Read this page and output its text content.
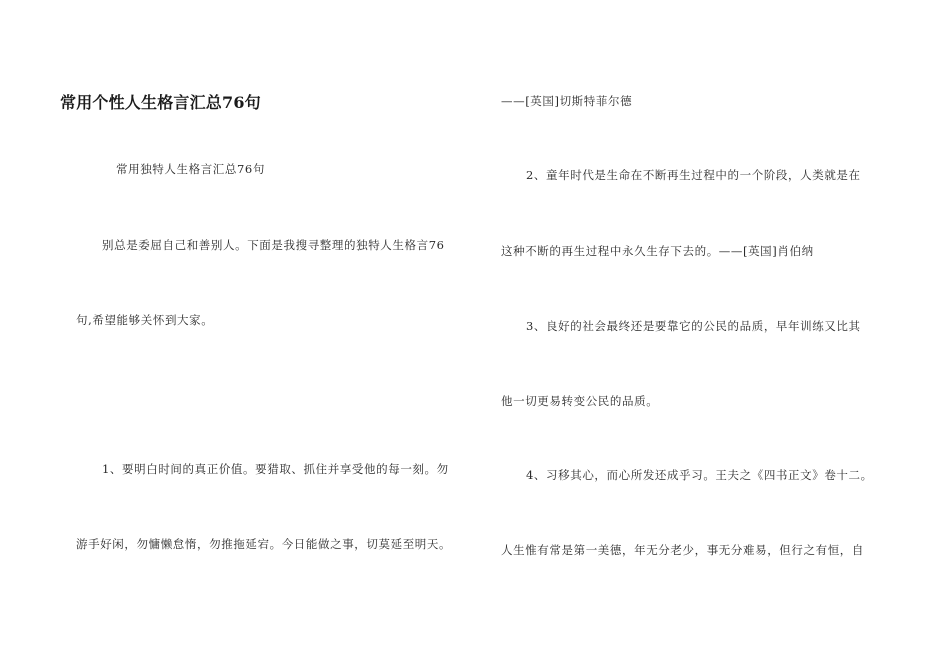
常用个性人生格言汇总76句
常用独特人生格言汇总76句
别总是委屈自己和善别人。下面是我搜寻整理的独特人生格言76
句,希望能够关怀到大家。
1、要明白时间的真正价值。要猎取、抓住并享受他的每一刻。勿
游手好闲，勿慵懒怠惰，勿推拖延宕。今日能做之事，切莫延至明天。
——[英国]切斯特菲尔德
2、童年时代是生命在不断再生过程中的一个阶段，人类就是在
这种不断的再生过程中永久生存下去的。——[英国]肖伯纳
3、良好的社会最终还是要靠它的公民的品质，早年训练又比其
他一切更易转变公民的品质。
4、习移其心，而心所发还成乎习。王夫之《四书正文》卷十二。
人生惟有常是第一美德，年无分老少，事无分难易，但行之有恒，自
